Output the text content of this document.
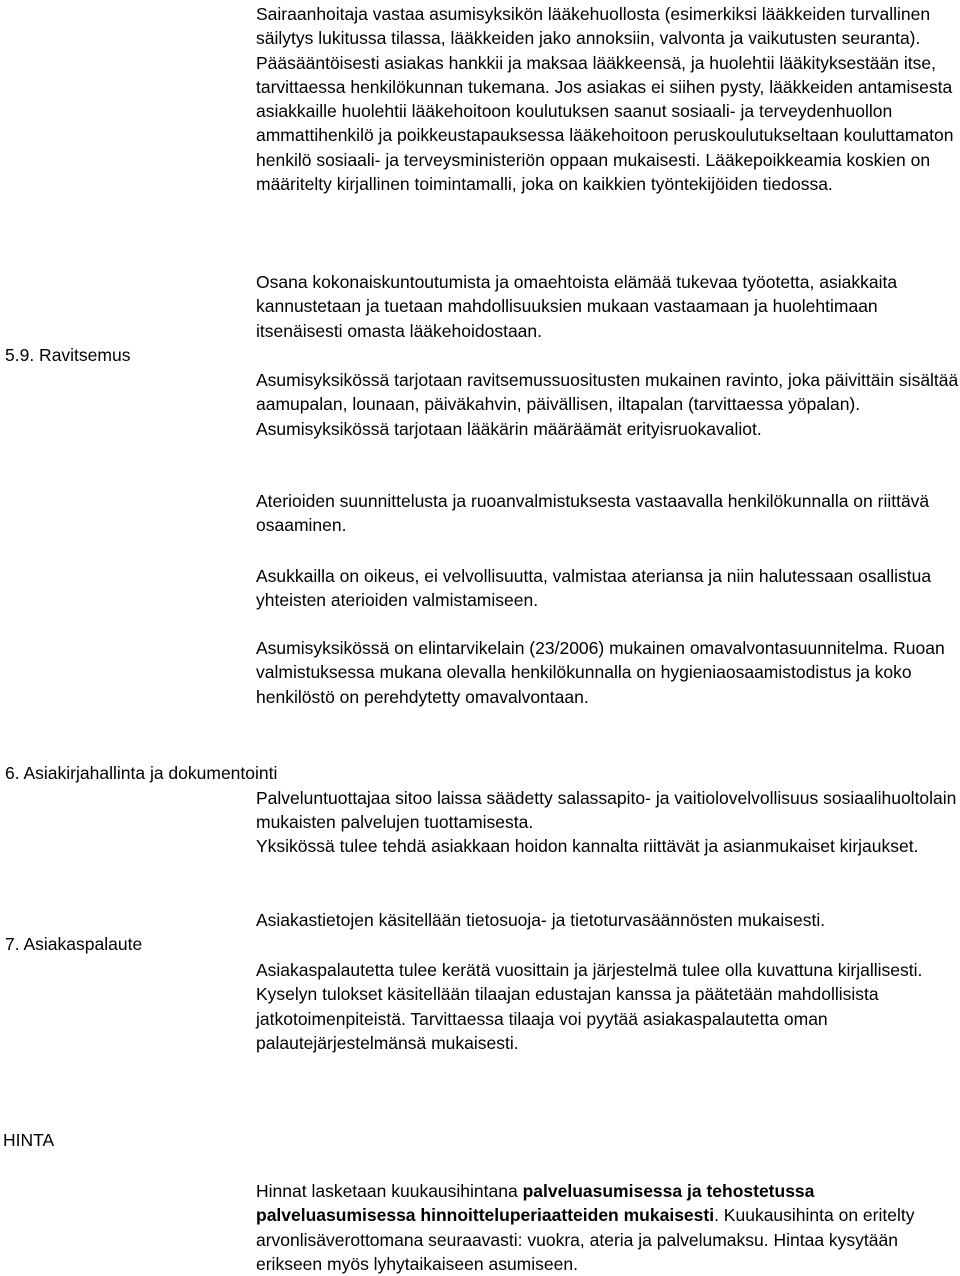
Sairaanhoitaja vastaa asumisyksikön lääkehuollosta (esimerkiksi lääkkeiden turvallinen säilytys lukitussa tilassa, lääkkeiden jako annoksiin, valvonta ja vaikutusten seuranta). Pääsääntöisesti asiakas hankkii ja maksaa lääkkeensä, ja huolehtii lääkityksestään itse, tarvittaessa henkilökunnan tukemana. Jos asiakas ei siihen pysty, lääkkeiden antamisesta asiakkaille huolehtii lääkehoitoon koulutuksen saanut sosiaali- ja terveydenhuollon ammattihenkilö ja poikkeustapauksessa lääkehoitoon peruskoulutukseltaan kouluttamaton henkilö sosiaali- ja terveysministeriön oppaan mukaisesti. Lääkepoikkeamia koskien on määritelty kirjallinen toimintamalli, joka on kaikkien työntekijöiden tiedossa.

Osana kokonaiskuntoutumista ja omaehtoista elämää tukevaa työotetta, asiakkaita kannustetaan ja tuetaan mahdollisuuksien mukaan vastaamaan ja huolehtimaan itsenäisesti omasta lääkehoidostaan.

5.9. Ravitsemus

Asumisyksikössä tarjotaan ravitsemussuositusten mukainen ravinto, joka päivittäin sisältää aamupalan, lounaan, päiväkahvin, päivällisen, iltapalan (tarvittaessa yöpalan). Asumisyksikössä tarjotaan lääkärin määräämät erityisruokavaliot.

Aterioiden suunnittelusta ja ruoanvalmistuksesta vastaavalla henkilökunnalla on riittävä osaaminen.

Asukkailla on oikeus, ei velvollisuutta, valmistaa ateriansa ja niin halutessaan osallistua yhteisten aterioiden valmistamiseen.

Asumisyksikössä on elintarvikelain (23/2006) mukainen omavalvontasuunnitelma. Ruoan valmistuksessa mukana olevalla henkilökunnalla on hygieniaosaamistodistus ja koko henkilöstö on perehdytetty omavalvontaan.

6. Asiakirjahallinta ja dokumentointi

Palveluntuottajaa sitoo laissa säädetty salassapito- ja vaitiolovelvollisuus sosiaalihuoltolain mukaisten palvelujen tuottamisesta.

Yksikössä tulee tehdä asiakkaan hoidon kannalta riittävät ja asianmukaiset kirjaukset.

Asiakastietojen käsitellään tietosuoja- ja tietoturvasäännösten mukaisesti.

7. Asiakaspalaute

Asiakaspalautetta tulee kerätä vuosittain ja järjestelmä tulee olla kuvattuna kirjallisesti. Kyselyn tulokset käsitellään tilaajan edustajan kanssa ja päätetään mahdollisista jatkotoimenpiteistä. Tarvittaessa tilaaja voi pyytää asiakaspalautetta oman palautejärjestelmänsä mukaisesti.

HINTA

Hinnat lasketaan kuukausihintana palveluasumisessa ja tehostetussa palveluasumisessa hinnoitteluperiaatteiden mukaisesti. Kuukausihinta on eritelty arvonlisäverottomana seuraavasti: vuokra, ateria ja palvelumaksu. Hintaa kysytään erikseen myös lyhytaikaiseen asumiseen.
